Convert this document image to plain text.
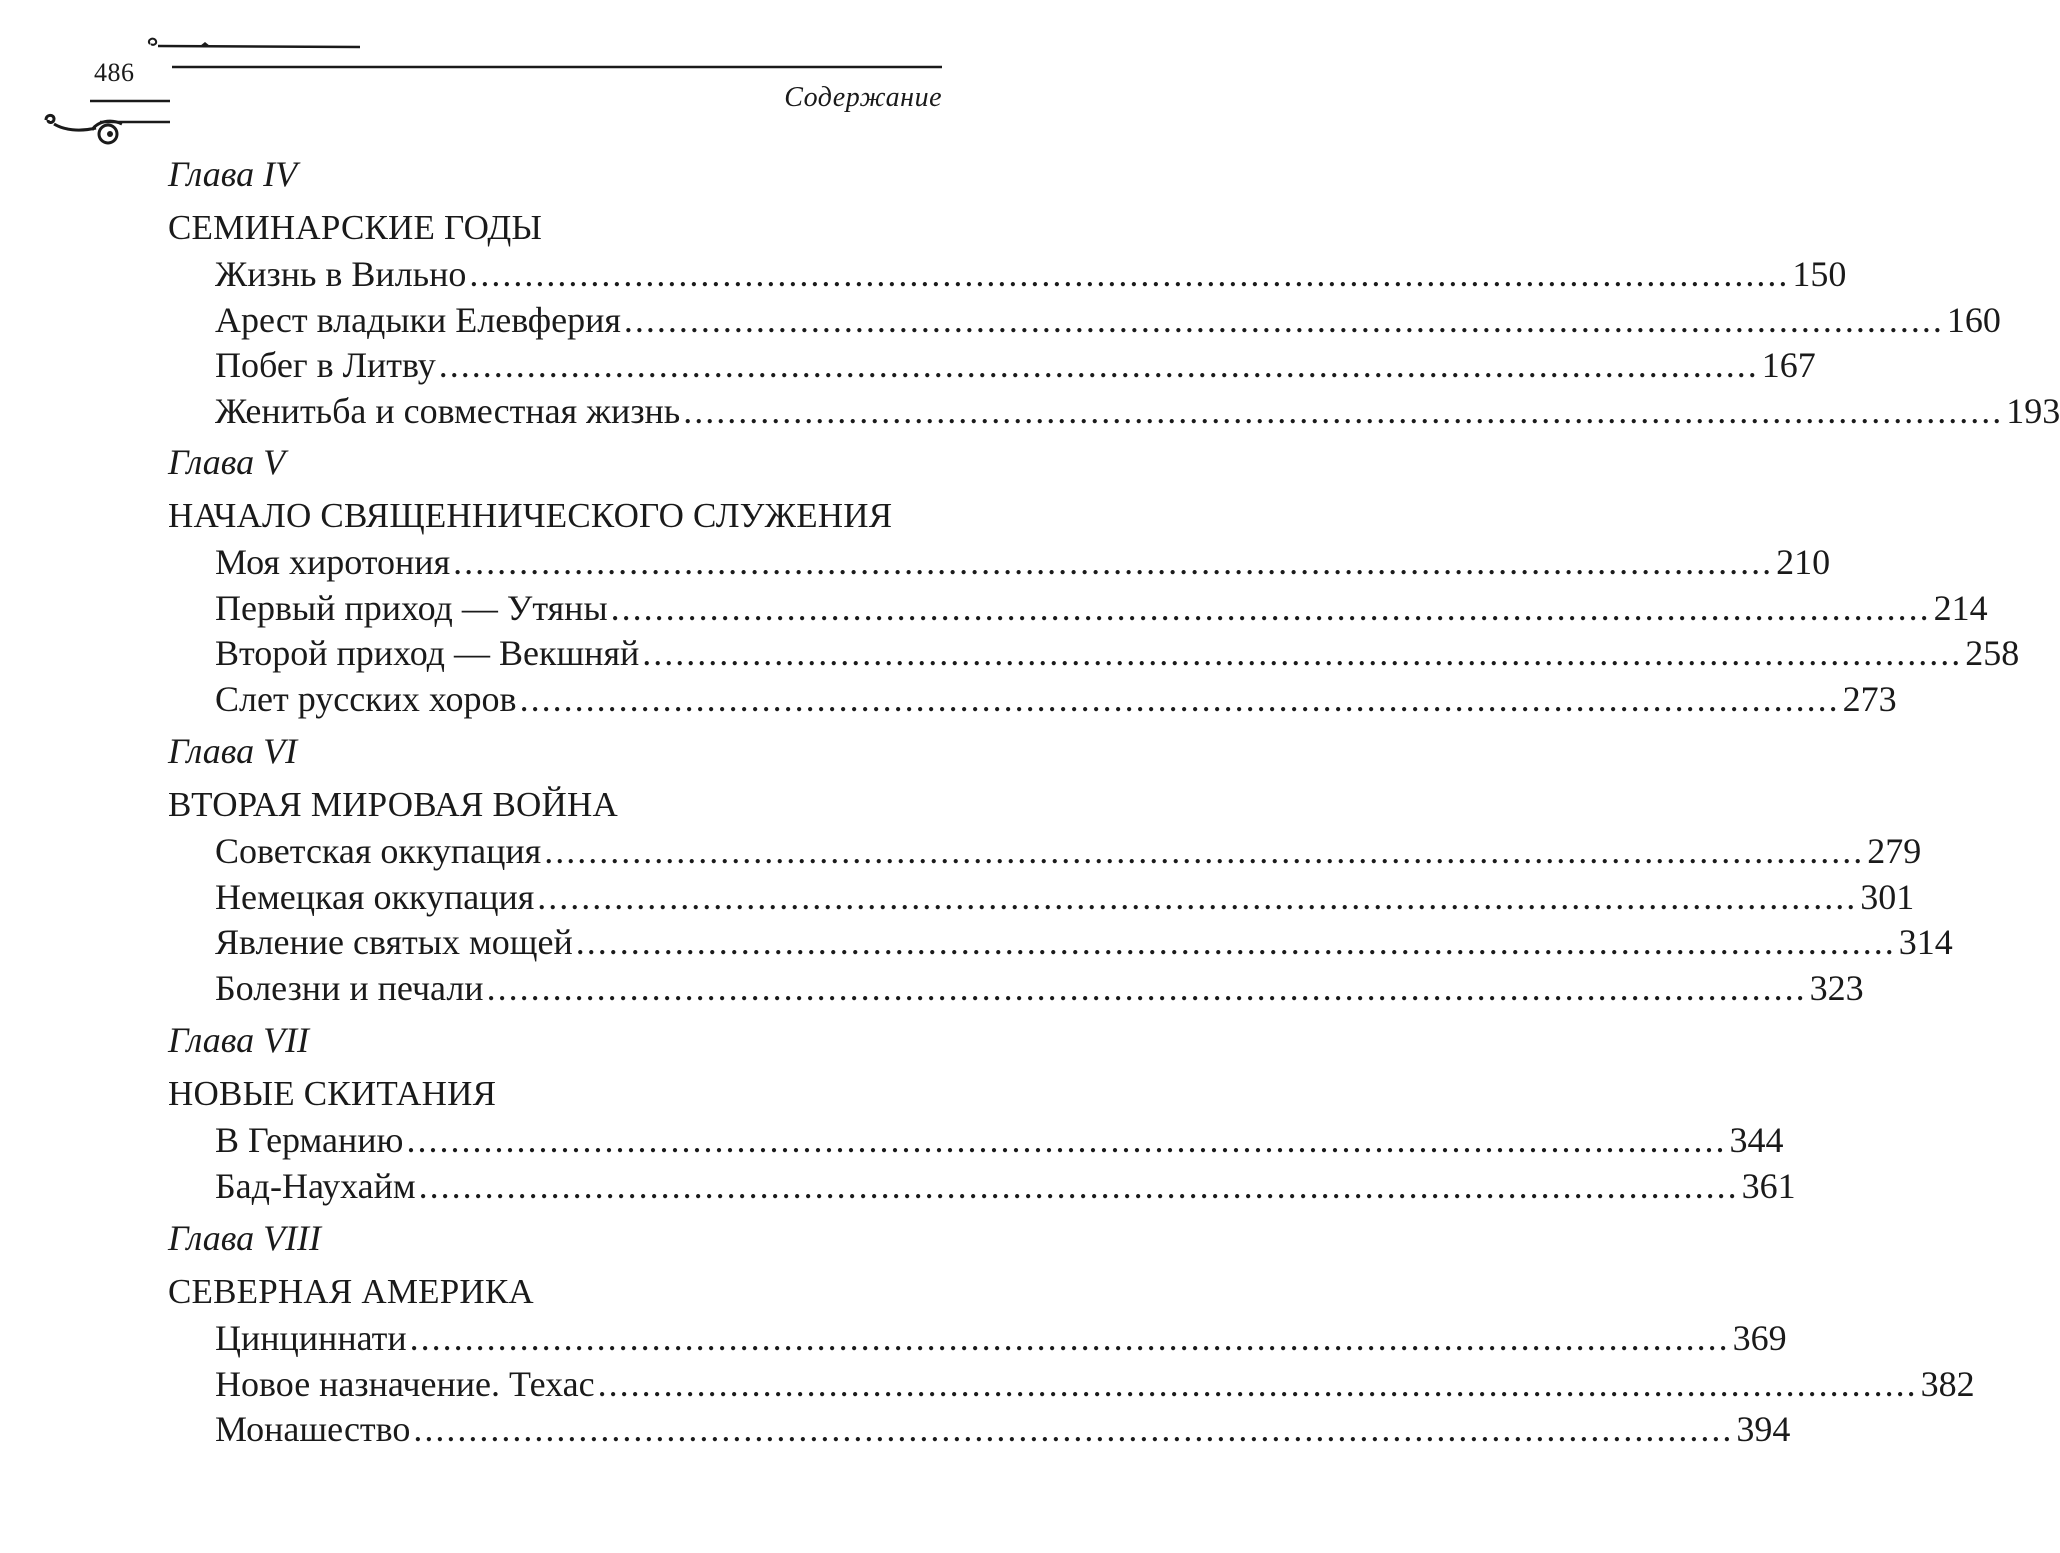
486
Содержание
Глава IV
СЕМИНАРСКИЕ ГОДЫ
Жизнь в Вильно ........................................................................................................................ 150
Арест владыки Елевферия ........................................................................................................................ 160
Побег в Литву ........................................................................................................................ 167
Женитьба и совместная жизнь ........................................................................................................................ 193
Глава V
НАЧАЛО СВЯЩЕННИЧЕСКОГО СЛУЖЕНИЯ
Моя хиротония ........................................................................................................................ 210
Первый приход — Утяны ........................................................................................................................ 214
Второй приход — Векшняй ........................................................................................................................ 258
Слет русских хоров ........................................................................................................................ 273
Глава VI
ВТОРАЯ МИРОВАЯ ВОЙНА
Советская оккупация ........................................................................................................................ 279
Немецкая оккупация ........................................................................................................................ 301
Явление святых мощей ........................................................................................................................ 314
Болезни и печали ........................................................................................................................ 323
Глава VII
НОВЫЕ СКИТАНИЯ
В Германию ........................................................................................................................ 344
Бад-Наухайм ........................................................................................................................ 361
Глава VIII
СЕВЕРНАЯ АМЕРИКА
Цинциннати ........................................................................................................................ 369
Новое назначение. Техас ........................................................................................................................ 382
Монашество ........................................................................................................................ 394
